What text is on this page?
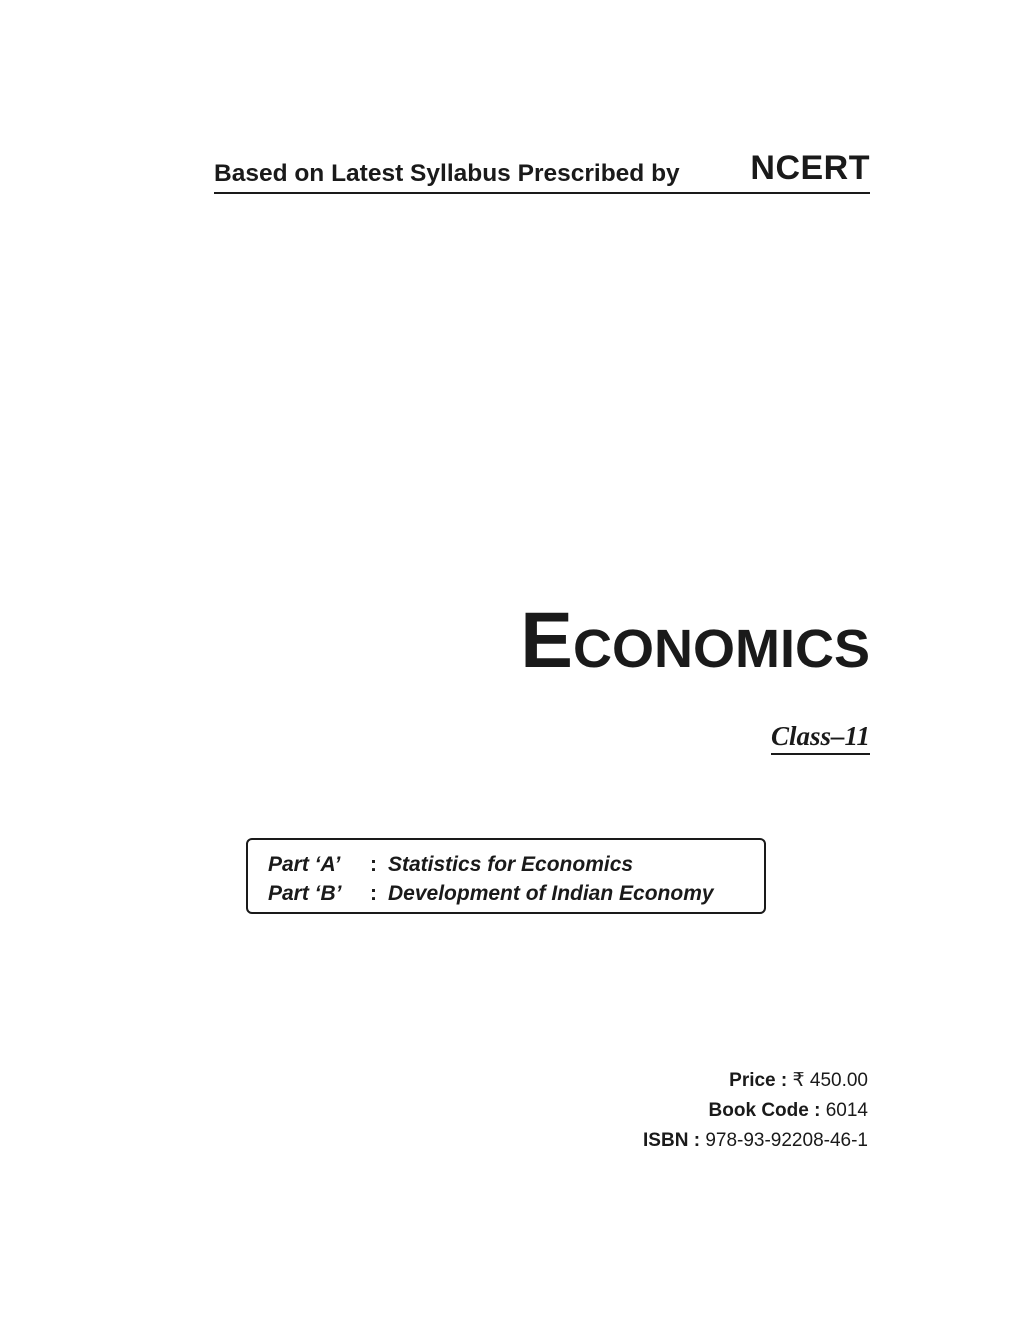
Based on Latest Syllabus Prescribed by NCERT
ECONOMICS
Class–11
Part ‘A’	: Statistics for Economics
Part ‘B’	: Development of Indian Economy
Price : ₹ 450.00
Book Code : 6014
ISBN : 978-93-92208-46-1
